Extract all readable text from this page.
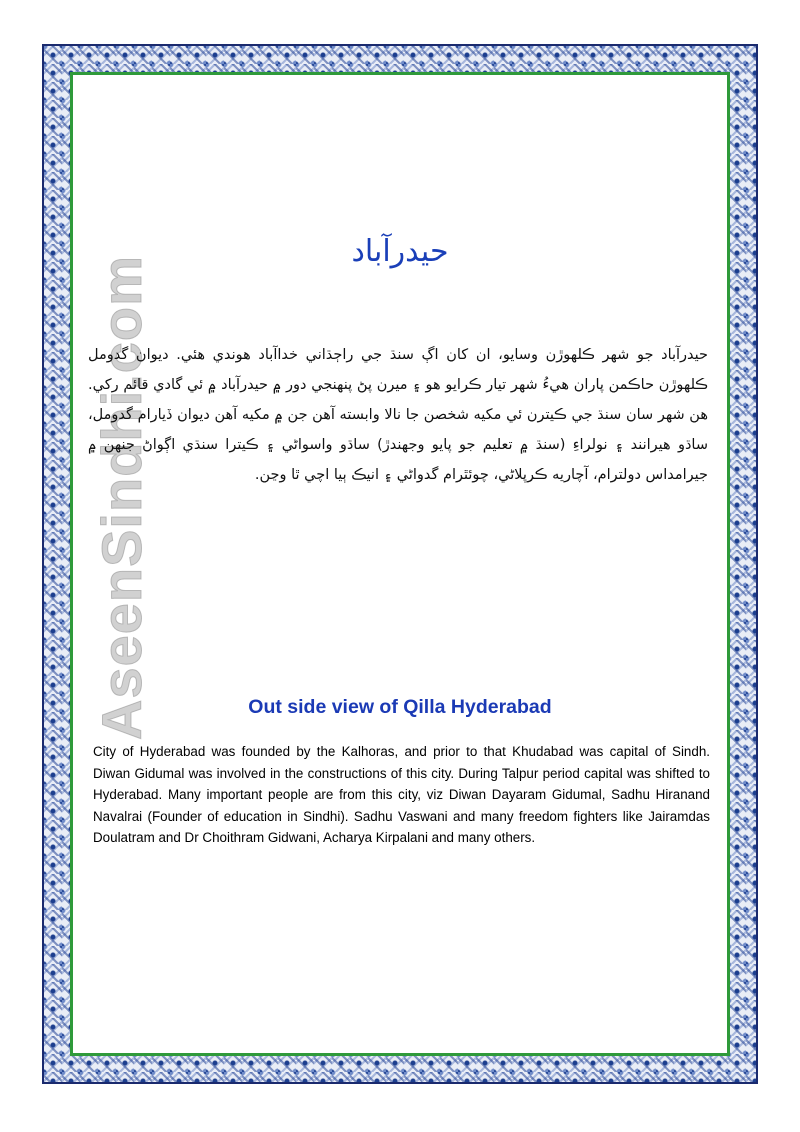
AseenSindhi.com
حيدرآباد
حيدرآباد جو شهر ڪلهوڙن وسايو، ان کان اڳ سنڌ جي راڄڌاني خداآباد هوندي هئي. ديوان گدومل ڪلهوڙن حاڪمن پاران هيءُ شهر تيار ڪرايو هو ۽ ميرن پڻ پنهنجي دور ۾ حيدرآباد ۾ ئي گادي قائم رکي. هن شهر سان سنڌ جي ڪيترن ئي مکيه شخصن جا نالا وابسته آهن جن ۾ مکيه آهن ديوان ڏيارام گدومل، ساڌو هيرانند ۽ نولراءِ (سنڌ ۾ تعليم جو پايو وجهندڙ) ساڌو واسواڻي ۽ ڪيترا سنڌي اڳواڻ جنهن ۾ جيرامداس دولترام، آچاريه ڪرپلاڻي، چوئٿرام گدواڻي ۽ انيڪ ٻيا اچي ٿا وڃن.
Out side view of Qilla Hyderabad
City of Hyderabad was founded by the Kalhoras, and prior to that Khudabad was capital of Sindh. Diwan Gidumal was involved in the constructions of this city. During Talpur period capital was shifted to Hyderabad. Many important people are from this city, viz Diwan Dayaram Gidumal, Sadhu Hiranand Navalrai (Founder of education in Sindhi). Sadhu Vaswani and many freedom fighters like Jairamdas Doulatram and Dr Choithram Gidwani, Acharya Kirpalani and many others.
